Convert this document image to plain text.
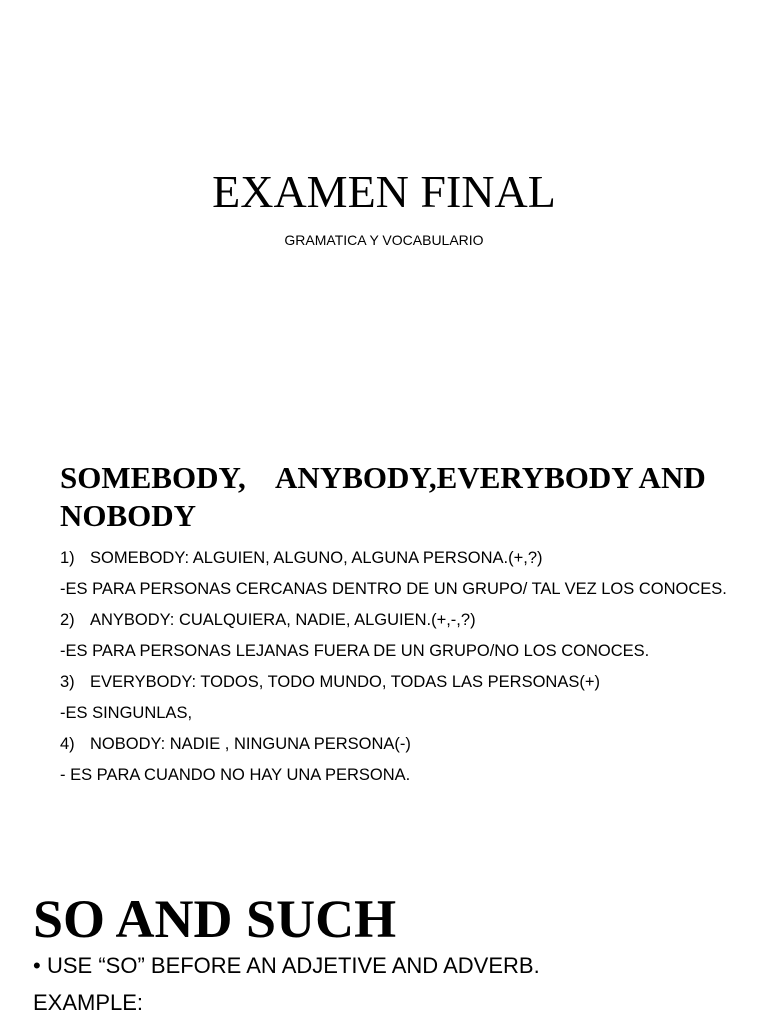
EXAMEN FINAL

GRAMATICA Y VOCABULARIO

SOMEBODY,    ANYBODY,EVERYBODY AND NOBODY
1) SOMEBODY: ALGUIEN, ALGUNO, ALGUNA PERSONA.(+,?)
-ES PARA PERSONAS CERCANAS DENTRO DE UN GRUPO/ TAL VEZ LOS CONOCES.
2) ANYBODY: CUALQUIERA, NADIE, ALGUIEN.(+,-,?)
-ES PARA PERSONAS LEJANAS FUERA DE UN GRUPO/NO LOS CONOCES.
3) EVERYBODY: TODOS, TODO MUNDO, TODAS LAS PERSONAS(+)
-ES SINGUNLAS,
4) NOBODY: NADIE , NINGUNA PERSONA(-)
- ES PARA CUANDO NO HAY UNA PERSONA.
SO AND SUCH

• USE “SO” BEFORE AN ADJETIVE AND ADVERB.

EXAMPLE:
